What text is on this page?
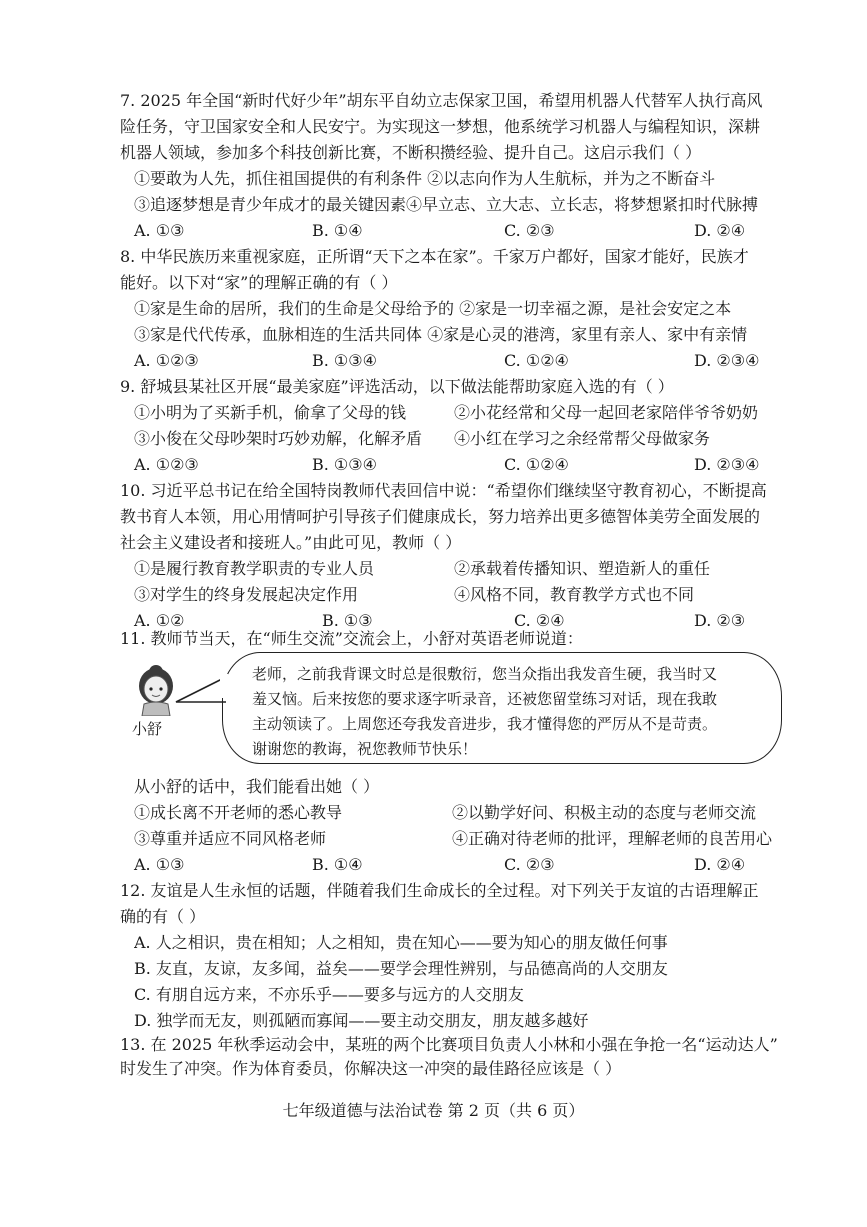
7. 2025 年全国“新时代好少年”胡东平自幼立志保家卫国，希望用机器人代替军人执行高风
险任务，守卫国家安全和人民安宁。为实现这一梦想，他系统学习机器人与编程知识，深耕
机器人领域，参加多个科技创新比赛，不断积攒经验、提升自己。这启示我们（ ）
①要敢为人先，抓住祖国提供的有利条件 ②以志向作为人生航标，并为之不断奋斗
③追逐梦想是青少年成才的最关键因素④早立志、立大志、立长志，将梦想紧扣时代脉搏
A. ①③	B. ①④	C. ②③	D. ②④
8. 中华民族历来重视家庭，正所谓“天下之本在家”。千家万户都好，国家才能好，民族才
能好。以下对“家”的理解正确的有（ ）
①家是生命的居所，我们的生命是父母给予的 ②家是一切幸福之源，是社会安定之本
③家是代代传承，血脉相连的生活共同体 ④家是心灵的港湾，家里有亲人、家中有亲情
A. ①②③	B. ①③④	C. ①②④	D. ②③④
9. 舒城县某社区开展“最美家庭”评选活动，以下做法能帮助家庭入选的有（ ）
①小明为了买新手机，偷拿了父母的钱	②小花经常和父母一起回老家陪伴爷爷奶奶
③小俊在父母吵架时巧妙劝解，化解矛盾 ④小红在学习之余经常帮父母做家务
A. ①②③	B. ①③④	C. ①②④	D. ②③④
10. 习近平总书记在给全国特岗教师代表回信中说：“希望你们继续坚守教育初心，不断提高
教书育人本领，用心用情呵护引导孩子们健康成长，努力培养出更多德智体美劳全面发展的
社会主义建设者和接班人。”由此可见，教师（ ）
①是履行教育教学职责的专业人员	②承载着传播知识、塑造新人的重任
③对学生的终身发展起决定作用	④风格不同，教育教学方式也不同
A. ①②	B. ①③	C. ②④	D. ②③
11. 教师节当天，在“师生交流”交流会上，小舒对英语老师说道：
小舒
老师，之前我背课文时总是很敷衍，您当众指出我发音生硬，我当时又
羞又恼。后来按您的要求逐字听录音，还被您留堂练习对话，现在我敢
主动领读了。上周您还夸我发音进步，我才懂得您的严厉从不是苛责。
谢谢您的教诲，祝您教师节快乐！
从小舒的话中，我们能看出她（ ）
①成长离不开老师的悉心教导	②以勤学好问、积极主动的态度与老师交流
③尊重并适应不同风格老师	④正确对待老师的批评，理解老师的良苦用心
A. ①③	B. ①④	C. ②③	D. ②④
12. 友谊是人生永恒的话题，伴随着我们生命成长的全过程。对下列关于友谊的古语理解正
确的有（ ）
A. 人之相识，贵在相知；人之相知，贵在知心——要为知心的朋友做任何事
B. 友直，友谅，友多闻，益矣——要学会理性辨别，与品德高尚的人交朋友
C. 有朋自远方来，不亦乐乎——要多与远方的人交朋友
D. 独学而无友，则孤陋而寡闻——要主动交朋友，朋友越多越好
13. 在 2025 年秋季运动会中，某班的两个比赛项目负责人小林和小强在争抢一名“运动达人”
时发生了冲突。作为体育委员，你解决这一冲突的最佳路径应该是（ ）
七年级道德与法治试卷 第 2 页（共 6 页）
